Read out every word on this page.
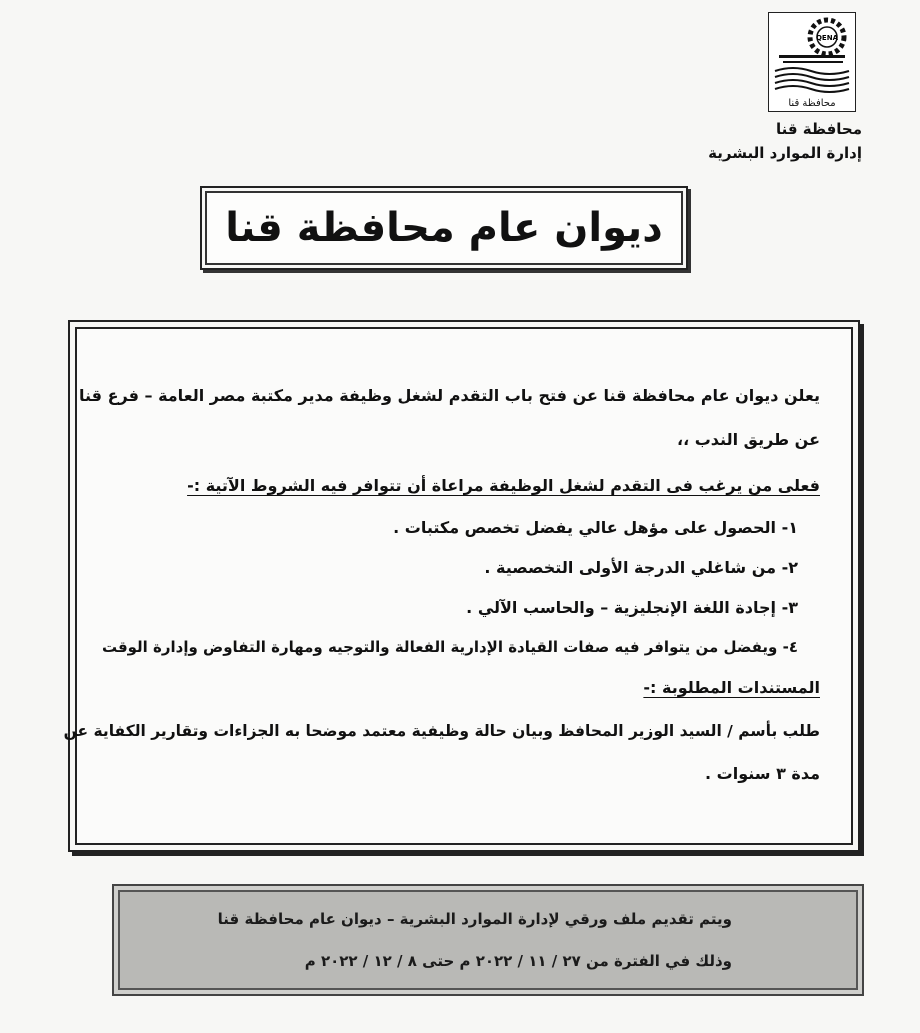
QENA
محافظة قنا
محافظة قنا
إدارة الموارد البشرية
ديوان عام محافظة قنا
يعلن ديوان عام محافظة قنا عن فتح باب التقدم لشغل وظيفة مدير مكتبة مصر العامة – فرع قنا
عن طريق الندب ،،
فعلى من يرغب فى التقدم لشغل الوظيفة مراعاة أن تتوافر فيه الشروط الآتية :-
١- الحصول على مؤهل عالي يفضل تخصص مكتبات .
٢- من شاغلي الدرجة الأولى التخصصية .
٣- إجادة اللغة الإنجليزية – والحاسب الآلي .
٤- ويفضل من يتوافر فيه صفات القيادة الإدارية الفعالة والتوجيه ومهارة التفاوض وإدارة الوقت
المستندات المطلوبة :-
طلب بأسم / السيد الوزير المحافظ وبيان حالة وظيفية معتمد موضحا به الجزاءات وتقارير الكفاية عن
مدة ٣ سنوات .
ويتم تقديم ملف ورقي لإدارة الموارد البشرية – ديوان عام محافظة قنا
وذلك في الفترة من ٢٧ / ١١ / ٢٠٢٢ م حتى ٨ / ١٢ / ٢٠٢٢ م
